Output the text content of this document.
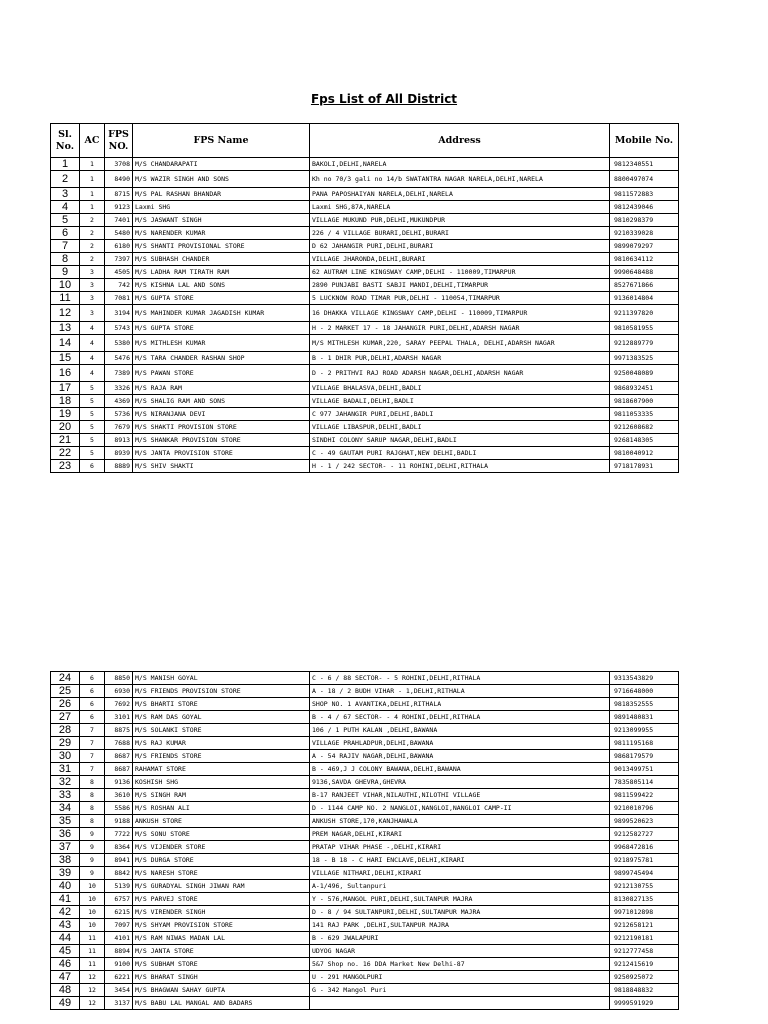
Fps List of All District
Sl. No.	AC	FPS NO.	FPS Name	Address	Mobile No.
1	1	3708	M/S CHANDARAPATI	BAKOLI,DELHI,NARELA	9812340551
2	1	8490	M/S WAZIR SINGH AND SONS	Kh no 70/3 gali no 14/b SWATANTRA NAGAR NARELA,DELHI,NARELA	8800497074
3	1	8715	M/S PAL RASHAN BHANDAR	PANA PAPOSHAIYAN NARELA,DELHI,NARELA	9811572883
4	1	9123	Laxmi SHG	Laxmi SHG,87A,NARELA	9812439046
5	2	7401	M/S JASWANT SINGH	VILLAGE MUKUND PUR,DELHI,MUKUNDPUR	9810298379
6	2	5480	M/S NARENDER KUMAR	226 / 4 VILLAGE BURARI,DELHI,BURARI	9210339028
7	2	6180	M/S SHANTI PROVISIONAL STORE	D 62 JAHANGIR PURI,DELHI,BURARI	9899079297
8	2	7397	M/S SUBHASH CHANDER	VILLAGE JHARONDA,DELHI,BURARI	9810634112
9	3	4505	M/S LADHA RAM TIRATH RAM	62 AUTRAM LINE KINGSWAY CAMP,DELHI - 110009,TIMARPUR	9990648488
10	3	742	M/S KISHNA LAL AND SONS	2890 PUNJABI BASTI SABJI MANDI,DELHI,TIMARPUR	8527671866
11	3	7081	M/S GUPTA STORE	5 LUCKNOW ROAD TIMAR PUR,DELHI - 110054,TIMARPUR	9136014804
12	3	3194	M/S MAHINDER KUMAR JAGADISH KUMAR	16 DHAKKA VILLAGE KINGSWAY CAMP,DELHI - 110009,TIMARPUR	9211397820
13	4	5743	M/S GUPTA STORE	H - 2 MARKET 17 - 18 JAHANGIR PURI,DELHI,ADARSH NAGAR	9810581955
14	4	5380	M/S MITHLESH KUMAR	M/S MITHLESH KUMAR,220, SARAY PEEPAL THALA, DELHI,ADARSH NAGAR	9212889779
15	4	5476	M/S TARA CHANDER RASHAN SHOP	B - 1 DHIR PUR,DELHI,ADARSH NAGAR	9971383525
16	4	7389	M/S PAWAN STORE	D - 2 PRITHVI RAJ ROAD ADARSH NAGAR,DELHI,ADARSH NAGAR	9250048089
17	5	3326	M/S RAJA RAM	VILLAGE BHALASVA,DELHI,BADLI	9868932451
18	5	4369	M/S SHALIG RAM AND SONS	VILLAGE BADALI,DELHI,BADLI	9818607900
19	5	5736	M/S NIRANJANA DEVI	C 977 JAHANGIR PURI,DELHI,BADLI	9811053335
20	5	7679	M/S SHAKTI PROVISION STORE	VILLAGE LIBASPUR,DELHI,BADLI	9212608682
21	5	8913	M/S SHANKAR PROVISION STORE	SINDHI COLONY SARUP NAGAR,DELHI,BADLI	9268148305
22	5	8939	M/S JANTA PROVISION STORE	C - 49 GAUTAM PURI RAJGHAT,NEW DELHI,BADLI	9810040912
23	6	8889	M/S SHIV SHAKTI	H - 1 / 242 SECTOR- - 11 ROHINI,DELHI,RITHALA	9718178931
24	6	8850	M/S MANISH GOYAL	C - 6 / 88 SECTOR- - 5 ROHINI,DELHI,RITHALA	9313543829
25	6	6930	M/S FRIENDS PROVISION STORE	A - 18 / 2 BUDH VIHAR - 1,DELHI,RITHALA	9716648000
26	6	7692	M/S BHARTI STORE	SHOP NO. 1 AVANTIKA,DELHI,RITHALA	9818352555
27	6	3101	M/S RAM DAS GOYAL	B - 4 / 67 SECTOR- - 4 ROHINI,DELHI,RITHALA	9891480831
28	7	8875	M/S SOLANKI STORE	106 / 1 PUTH KALAN ,DELHI,BAWANA	9213099955
29	7	7688	M/S RAJ KUMAR	VILLAGE PRAHLADPUR,DELHI,BAWANA	9811195168
30	7	8687	M/S FRIENDS STORE	A - 54 RAJIV NAGAR,DELHI,BAWANA	9868179579
31	7	8687	RAHAMAT STORE	B - 469,J J COLONY BAWANA,DELHI,BAWANA	9013499751
32	8	9136	KOSHISH SHG	9136,SAVDA GHEVRA,GHEVRA	7835805114
33	8	3610	M/S SINGH RAM	B-17 RANJEET VIHAR,NILAUTHI,NILOTHI VILLAGE	9811599422
34	8	5586	M/S ROSHAN ALI	D - 1144 CAMP NO. 2 NANGLOI,NANGLOI,NANGLOI CAMP-II	9210010796
35	8	9188	ANKUSH STORE	ANKUSH STORE,170,KANJHAWALA	9899520623
36	9	7722	M/S SONU STORE	PREM NAGAR,DELHI,KIRARI	9212582727
37	9	8364	M/S VIJENDER STORE	PRATAP VIHAR PHASE -,DELHI,KIRARI	9968472816
38	9	8941	M/S DURGA STORE	18 - B 18 - C HARI ENCLAVE,DELHI,KIRARI	9218975781
39	9	8842	M/S NARESH STORE	VILLAGE NITHARI,DELHI,KIRARI	9899745494
40	10	5139	M/S GURADYAL SINGH JIWAN RAM	A-1/496, Sultanpuri	9212130755
41	10	6757	M/S PARVEJ STORE	Y - 576,MANGOL PURI,DELHI,SULTANPUR MAJRA	8130827135
42	10	6215	M/S VIRENDER SINGH	D - 8 / 94 SULTANPURI,DELHI,SULTANPUR MAJRA	9971012898
43	10	7097	M/S SHYAM PROVISION STORE	141 RAJ PARK ,DELHI,SULTANPUR MAJRA	9212658121
44	11	4101	M/S RAM NIWAS MADAN LAL	B - 629 JWALAPURI	9212190181
45	11	8894	M/S JANTA STORE	UDYOG NAGAR	9212777458
46	11	9100	M/S SUBHAM STORE	5&7 Shop no. 16 DDA Market New Delhi-87	9212415619
47	12	6221	M/S BHARAT SINGH	U - 291 MANGOLPURI	9250925072
48	12	3454	M/S BHAGWAN SAHAY GUPTA	G - 342 Mangol Puri	9818848832
49	12	3137	M/S BABU LAL MANGAL AND BADARS		9999591929
